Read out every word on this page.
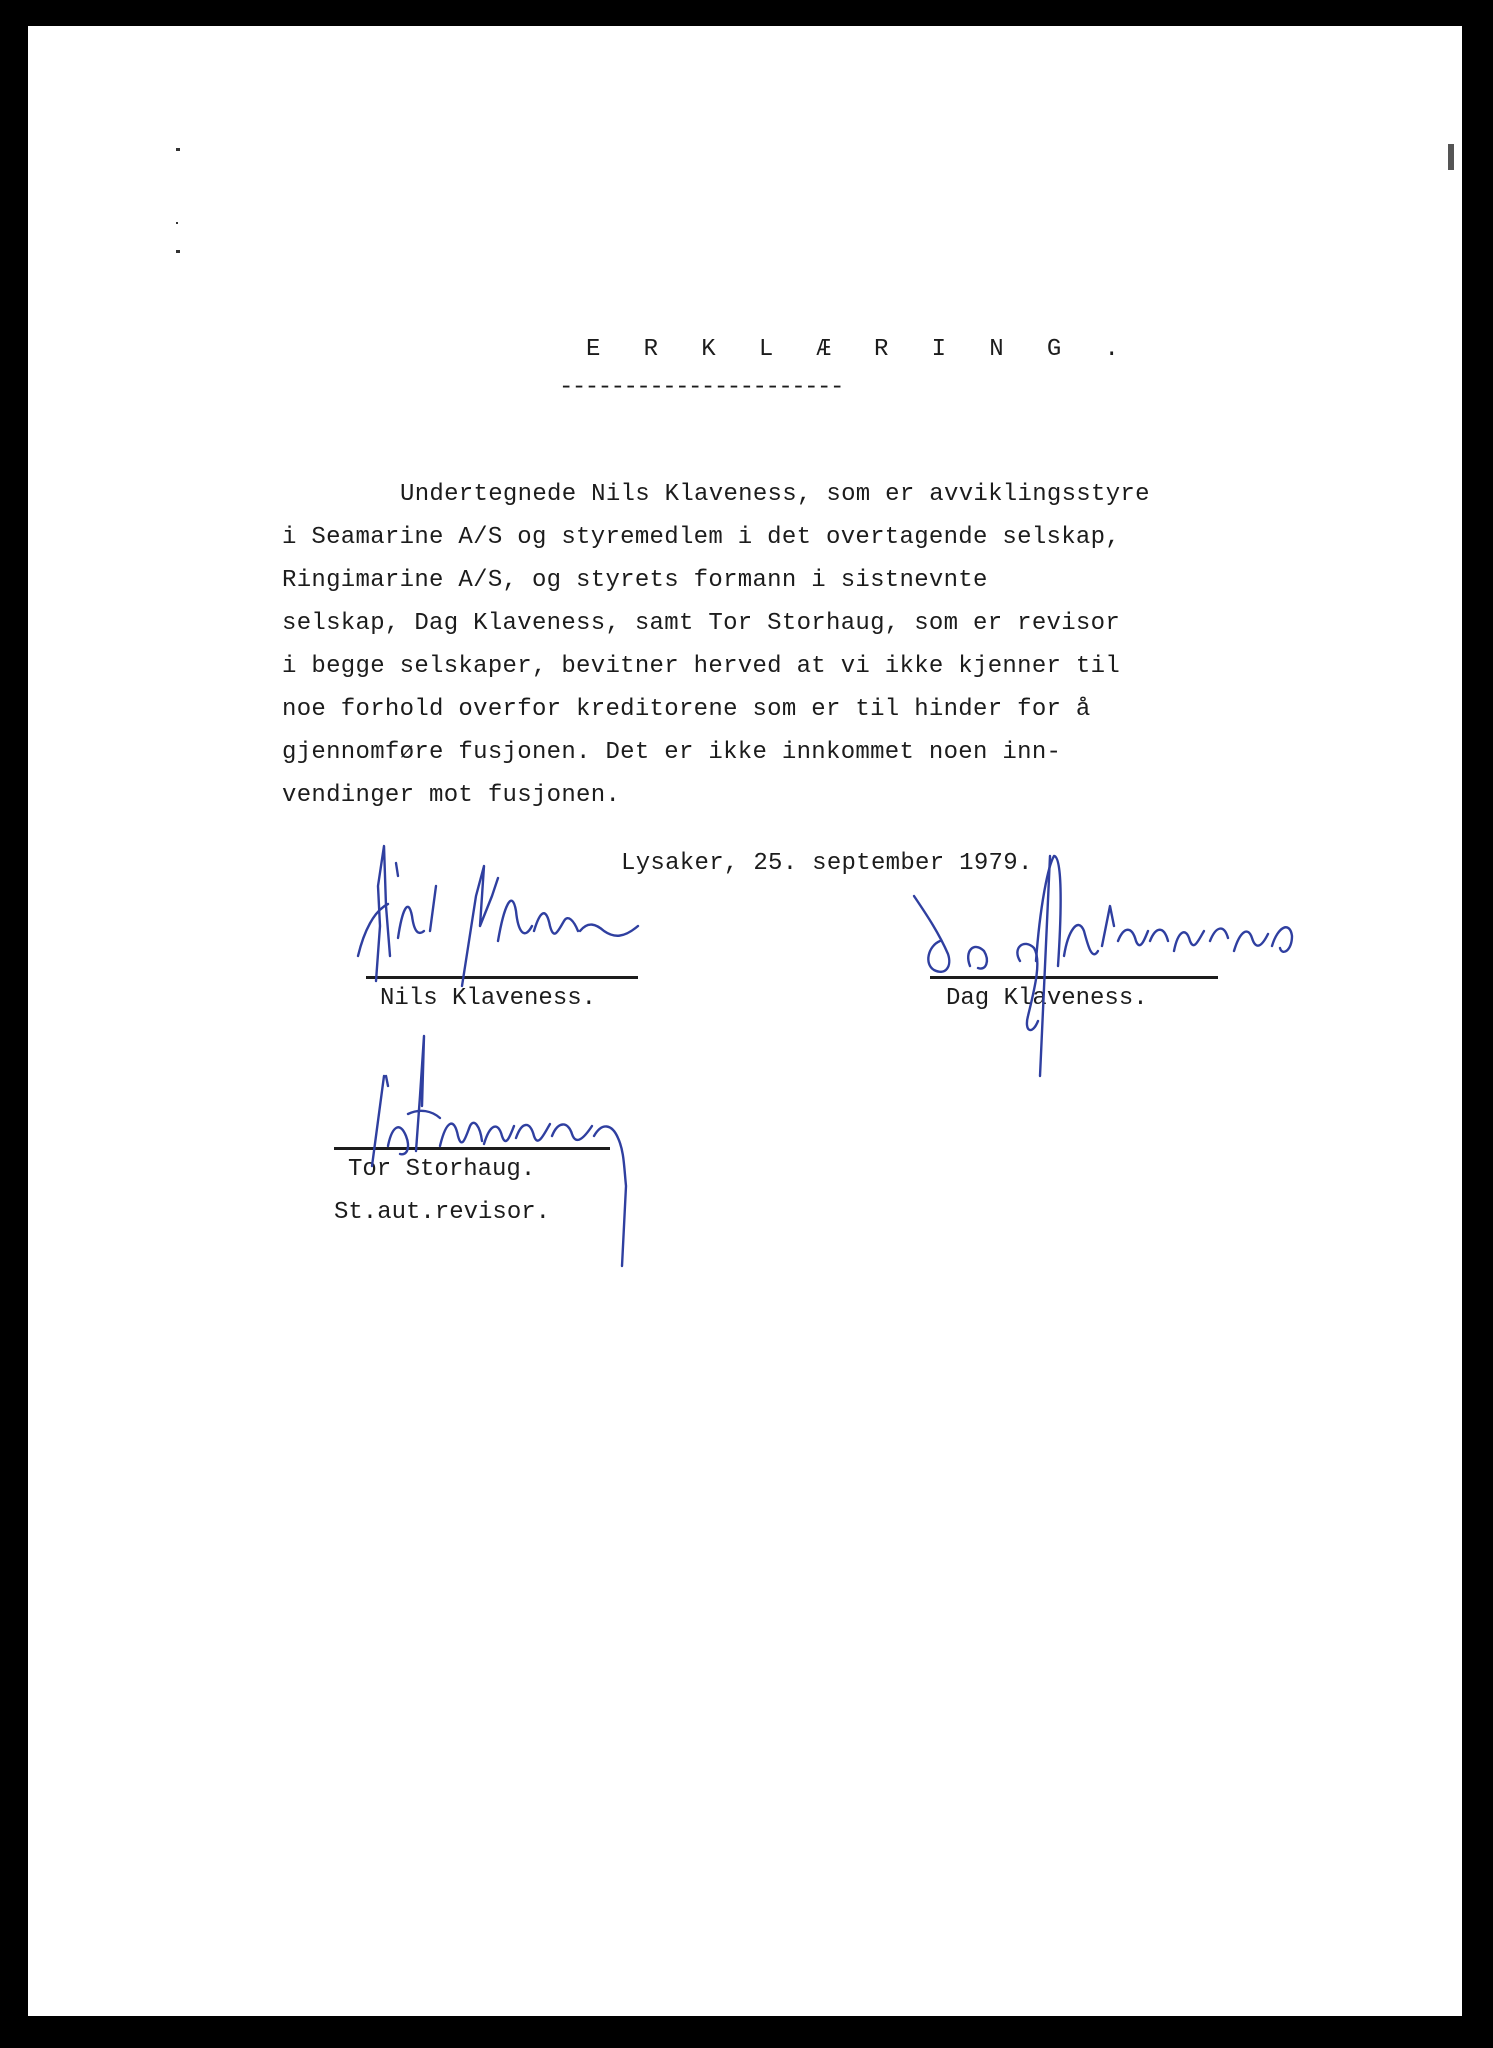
E R K L Æ R I N G .
----------------------
Undertegnede Nils Klaveness, som er avviklingsstyre
i Seamarine A/S og styremedlem i det overtagende selskap,
Ringimarine A/S, og styrets formann i sistnevnte
selskap, Dag Klaveness, samt Tor Storhaug, som er revisor
i begge selskaper, bevitner herved at vi ikke kjenner til
noe forhold overfor kreditorene som er til hinder for å
gjennomføre fusjonen. Det er ikke innkommet noen inn-
vendinger mot fusjonen.
Lysaker, 25. september 1979.
Nils Klaveness.	Dag Klaveness.
Tor Storhaug.
St.aut.revisor.
